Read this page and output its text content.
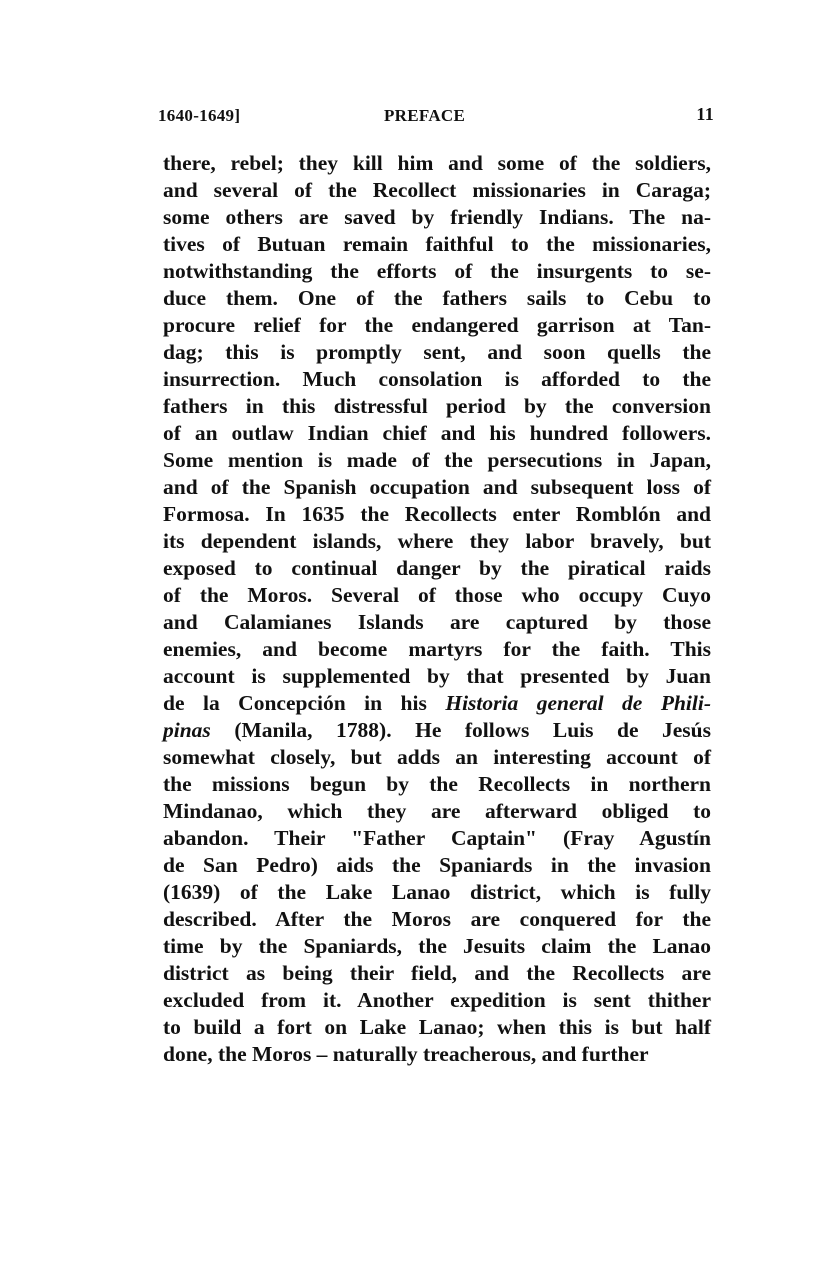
1640-1649]	PREFACE	11
there, rebel; they kill him and some of the soldiers,
and several of the Recollect missionaries in Caraga;
some others are saved by friendly Indians. The na-
tives of Butuan remain faithful to the missionaries,
notwithstanding the efforts of the insurgents to se-
duce them. One of the fathers sails to Cebu to
procure relief for the endangered garrison at Tan-
dag; this is promptly sent, and soon quells the
insurrection. Much consolation is afforded to the
fathers in this distressful period by the conversion
of an outlaw Indian chief and his hundred followers.
Some mention is made of the persecutions in Japan,
and of the Spanish occupation and subsequent loss of
Formosa. In 1635 the Recollects enter Romblón and
its dependent islands, where they labor bravely, but
exposed to continual danger by the piratical raids
of the Moros. Several of those who occupy Cuyo
and Calamianes Islands are captured by those
enemies, and become martyrs for the faith. This
account is supplemented by that presented by Juan
de la Concepción in his Historia general de Phili-
pinas (Manila, 1788). He follows Luis de Jesús
somewhat closely, but adds an interesting account of
the missions begun by the Recollects in northern
Mindanao, which they are afterward obliged to
abandon. Their "Father Captain" (Fray Agustín
de San Pedro) aids the Spaniards in the invasion
(1639) of the Lake Lanao district, which is fully
described. After the Moros are conquered for the
time by the Spaniards, the Jesuits claim the Lanao
district as being their field, and the Recollects are
excluded from it. Another expedition is sent thither
to build a fort on Lake Lanao; when this is but half
done, the Moros – naturally treacherous, and further
